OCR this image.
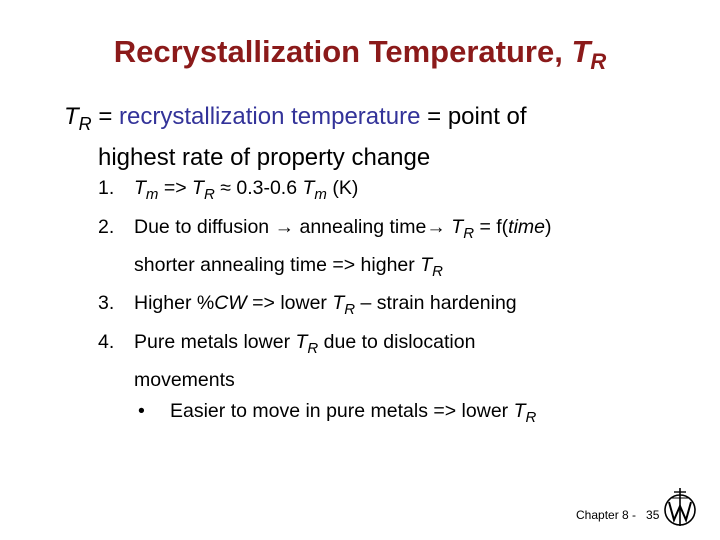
Recrystallization Temperature, $T_R$
$T_R$ = recrystallization temperature = point of
highest rate of property change
1. $T_m => T_R \approx 0.3-0.6$ $T_m$ (K)
2. Due to diffusion → annealing time→ $T_R$ = f(time)
shorter annealing time => higher $T_R$
3. Higher %CW => lower $T_R$ – strain hardening
4. Pure metals lower $T_R$ due to dislocation
movements
• Easier to move in pure metals => lower $T_R$
Chapter 8 - 35
